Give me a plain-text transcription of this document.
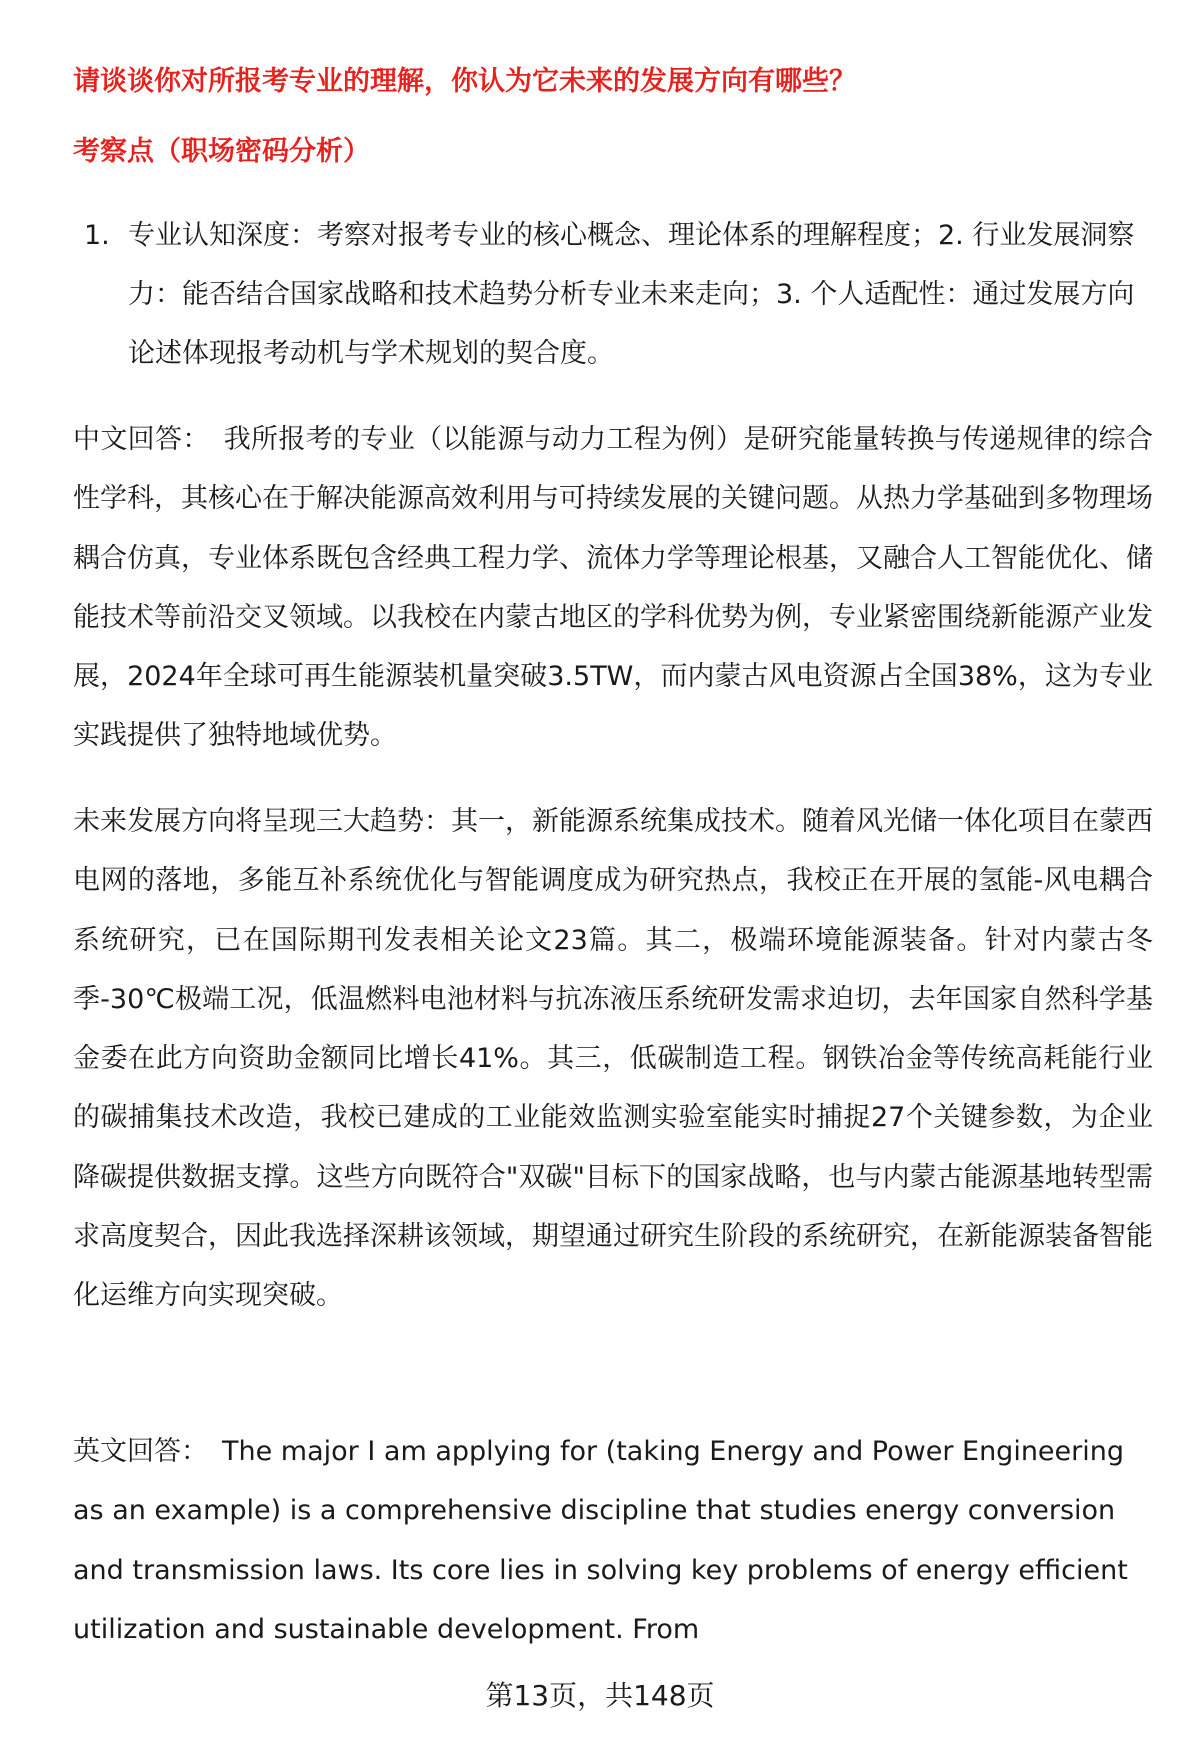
请谈谈你对所报考专业的理解，你认为它未来的发展方向有哪些？

考察点（职场密码分析）

1. 专业认知深度：考察对报考专业的核心概念、理论体系的理解程度；2. 行业发展洞察力：能否结合国家战略和技术趋势分析专业未来走向；3. 个人适配性：通过发展方向论述体现报考动机与学术规划的契合度。

中文回答： 我所报考的专业（以能源与动力工程为例）是研究能量转换与传递规律的综合性学科，其核心在于解决能源高效利用与可持续发展的关键问题。从热力学基础到多物理场耦合仿真，专业体系既包含经典工程力学、流体力学等理论根基，又融合人工智能优化、储能技术等前沿交叉领域。以我校在内蒙古地区的学科优势为例，专业紧密围绕新能源产业发展，2024年全球可再生能源装机量突破3.5TW，而内蒙古风电资源占全国38%，这为专业实践提供了独特地域优势。

未来发展方向将呈现三大趋势：其一，新能源系统集成技术。随着风光储一体化项目在蒙西电网的落地，多能互补系统优化与智能调度成为研究热点，我校正在开展的氢能-风电耦合系统研究，已在国际期刊发表相关论文23篇。其二，极端环境能源装备。针对内蒙古冬季-30℃极端工况，低温燃料电池材料与抗冻液压系统研发需求迫切，去年国家自然科学基金委在此方向资助金额同比增长41%。其三，低碳制造工程。钢铁冶金等传统高耗能行业的碳捕集技术改造，我校已建成的工业能效监测实验室能实时捕捉27个关键参数，为企业降碳提供数据支撑。这些方向既符合"双碳"目标下的国家战略，也与内蒙古能源基地转型需求高度契合，因此我选择深耕该领域，期望通过研究生阶段的系统研究，在新能源装备智能化运维方向实现突破。

英文回答： The major I am applying for (taking Energy and Power Engineering as an example) is a comprehensive discipline that studies energy conversion and transmission laws. Its core lies in solving key problems of energy efficient utilization and sustainable development. From

第13页，共148页
